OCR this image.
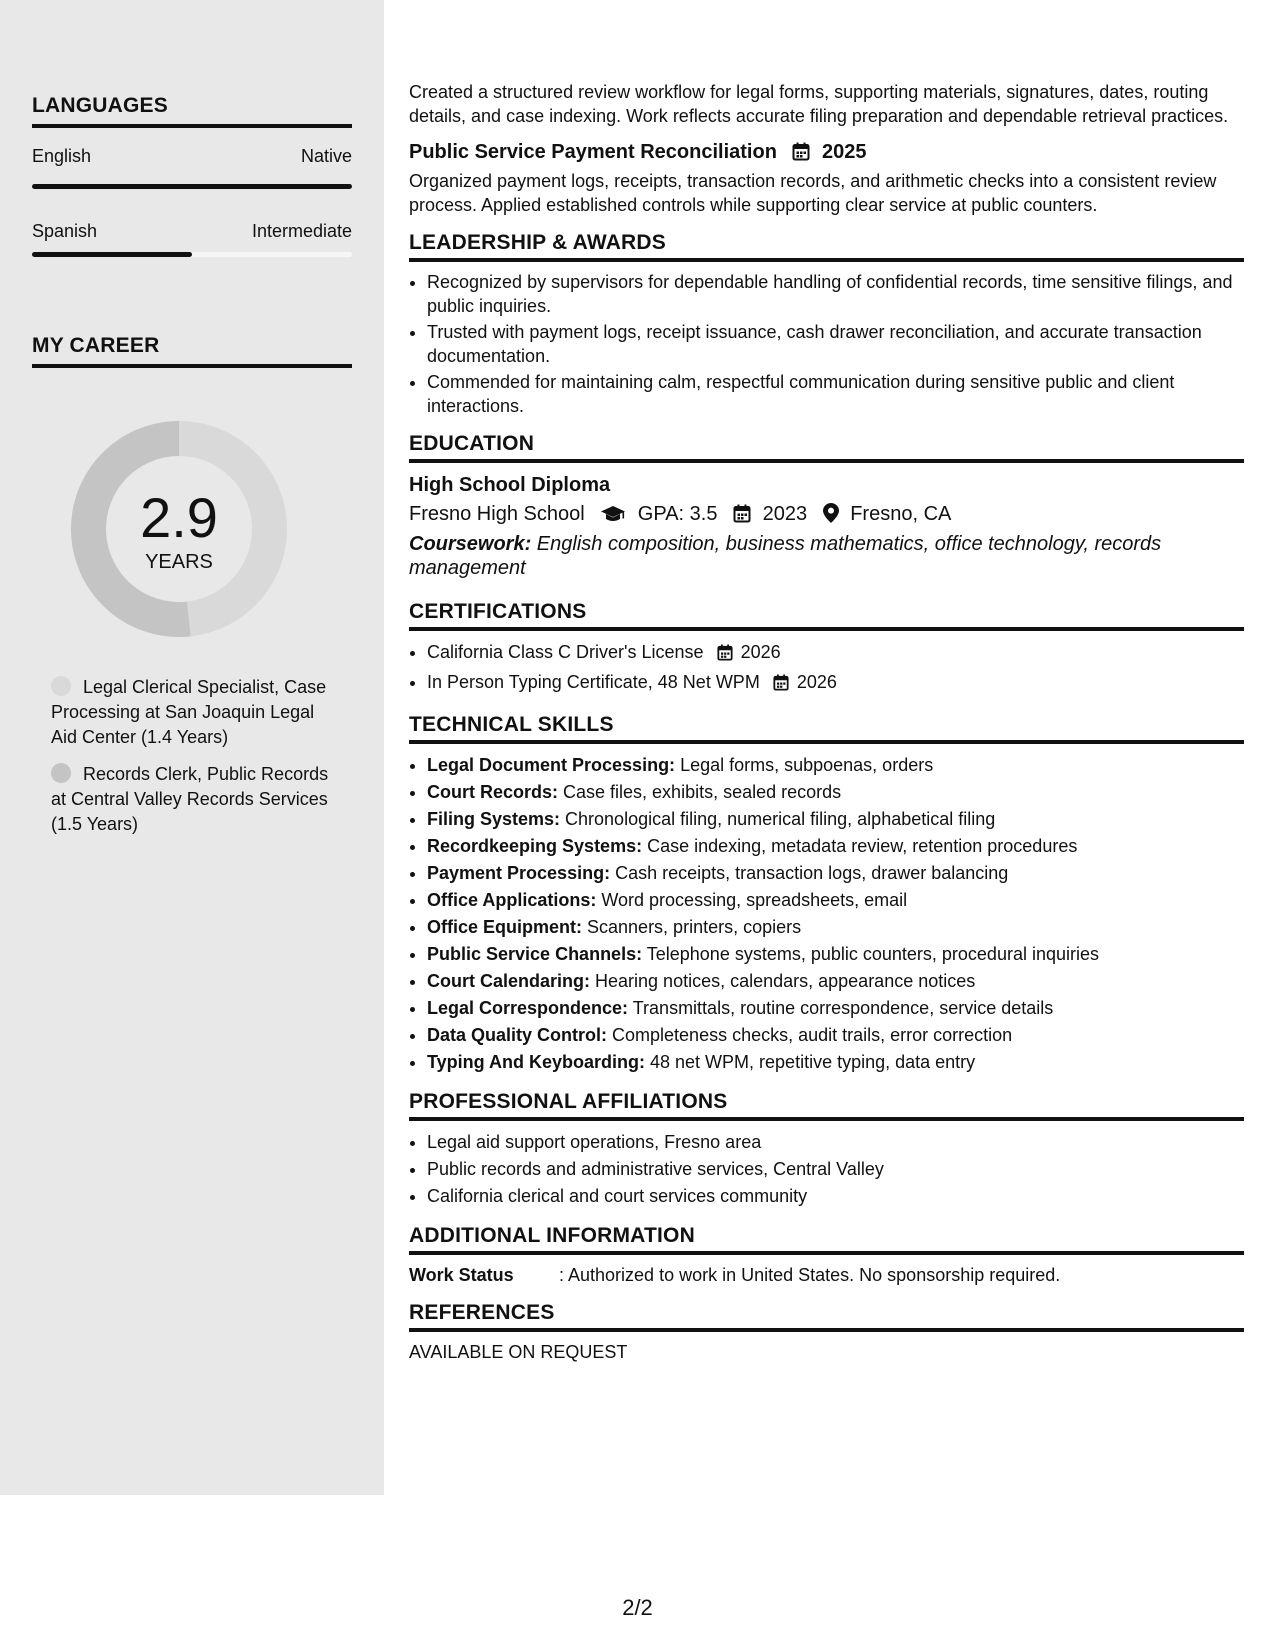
LANGUAGES
English	Native
Spanish	Intermediate
MY CAREER
2.9
YEARS
Legal Clerical Specialist, Case Processing at San Joaquin Legal Aid Center (1.4 Years)
Records Clerk, Public Records at Central Valley Records Services (1.5 Years)

Created a structured review workflow for legal forms, supporting materials, signatures, dates, routing details, and case indexing. Work reflects accurate filing preparation and dependable retrieval practices.

Public Service Payment Reconciliation 2025

Organized payment logs, receipts, transaction records, and arithmetic checks into a consistent review process. Applied established controls while supporting clear service at public counters.

LEADERSHIP & AWARDS
• Recognized by supervisors for dependable handling of confidential records, time sensitive filings, and public inquiries.
• Trusted with payment logs, receipt issuance, cash drawer reconciliation, and accurate transaction documentation.
• Commended for maintaining calm, respectful communication during sensitive public and client interactions.
EDUCATION
High School Diploma
Fresno High School	GPA: 3.5 2023 Fresno, CA
Coursework: English composition, business mathematics, office technology, records management
CERTIFICATIONS
• California Class C Driver's License 2026
• In Person Typing Certificate, 48 Net WPM 2026
TECHNICAL SKILLS
• Legal Document Processing: Legal forms, subpoenas, orders
• Court Records: Case files, exhibits, sealed records
• Filing Systems: Chronological filing, numerical filing, alphabetical filing
• Recordkeeping Systems: Case indexing, metadata review, retention procedures
• Payment Processing: Cash receipts, transaction logs, drawer balancing
• Office Applications: Word processing, spreadsheets, email
• Office Equipment: Scanners, printers, copiers
• Public Service Channels: Telephone systems, public counters, procedural inquiries
• Court Calendaring: Hearing notices, calendars, appearance notices
• Legal Correspondence: Transmittals, routine correspondence, service details
• Data Quality Control: Completeness checks, audit trails, error correction
• Typing And Keyboarding: 48 net WPM, repetitive typing, data entry
PROFESSIONAL AFFILIATIONS
• Legal aid support operations, Fresno area
• Public records and administrative services, Central Valley
• California clerical and court services community
ADDITIONAL INFORMATION
Work Status	: Authorized to work in United States. No sponsorship required.
REFERENCES
AVAILABLE ON REQUEST
2/2
